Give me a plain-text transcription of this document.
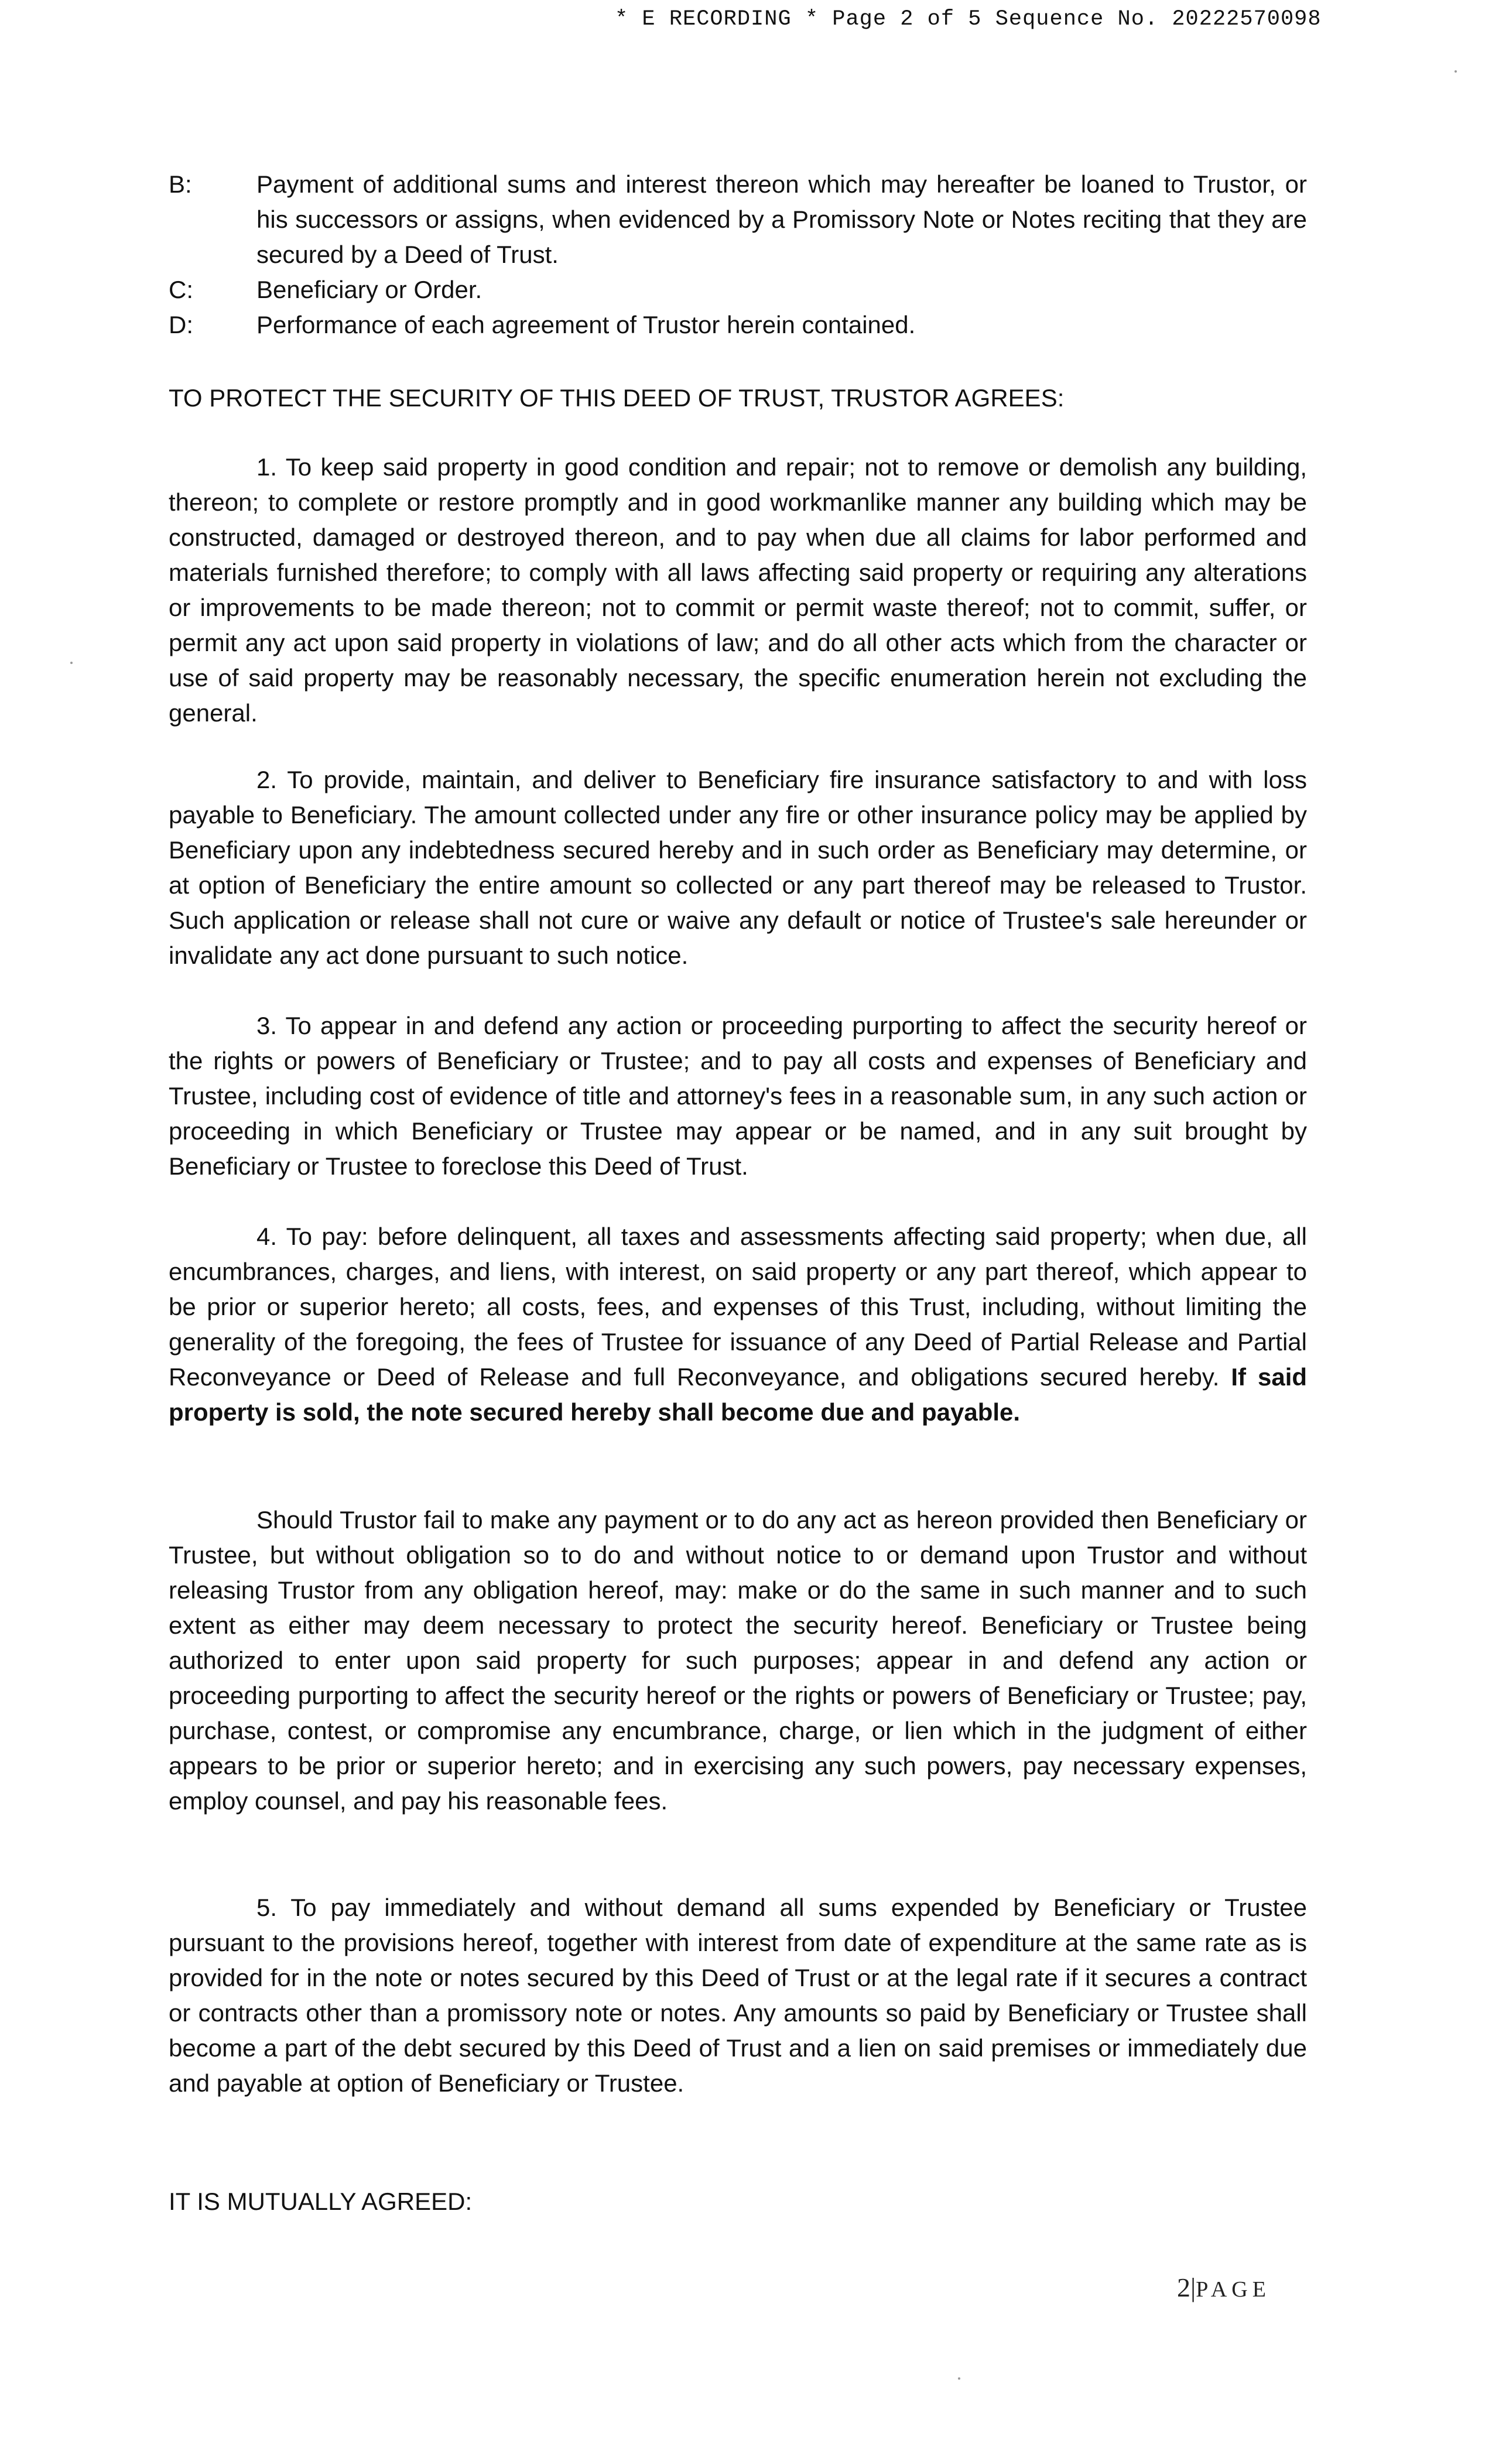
* E RECORDING * Page 2 of 5 Sequence No. 20222570098
B:	Payment of additional sums and interest thereon which may hereafter be loaned to Trustor, or his successors or assigns, when evidenced by a Promissory Note or Notes reciting that they are secured by a Deed of Trust.
C:	Beneficiary or Order.
D:	Performance of each agreement of Trustor herein contained.
TO PROTECT THE SECURITY OF THIS DEED OF TRUST, TRUSTOR AGREES:

1. To keep said property in good condition and repair; not to remove or demolish any building, thereon; to complete or restore promptly and in good workmanlike manner any building which may be constructed, damaged or destroyed thereon, and to pay when due all claims for labor performed and materials furnished therefore; to comply with all laws affecting said property or requiring any alterations or improvements to be made thereon; not to commit or permit waste thereof; not to commit, suffer, or permit any act upon said property in violations of law; and do all other acts which from the character or use of said property may be reasonably necessary, the specific enumeration herein not excluding the general.

2. To provide, maintain, and deliver to Beneficiary fire insurance satisfactory to and with loss payable to Beneficiary. The amount collected under any fire or other insurance policy may be applied by Beneficiary upon any indebtedness secured hereby and in such order as Beneficiary may determine, or at option of Beneficiary the entire amount so collected or any part thereof may be released to Trustor. Such application or release shall not cure or waive any default or notice of Trustee's sale hereunder or invalidate any act done pursuant to such notice.

3. To appear in and defend any action or proceeding purporting to affect the security hereof or the rights or powers of Beneficiary or Trustee; and to pay all costs and expenses of Beneficiary and Trustee, including cost of evidence of title and attorney's fees in a reasonable sum, in any such action or proceeding in which Beneficiary or Trustee may appear or be named, and in any suit brought by Beneficiary or Trustee to foreclose this Deed of Trust.

4. To pay: before delinquent, all taxes and assessments affecting said property; when due, all encumbrances, charges, and liens, with interest, on said property or any part thereof, which appear to be prior or superior hereto; all costs, fees, and expenses of this Trust, including, without limiting the generality of the foregoing, the fees of Trustee for issuance of any Deed of Partial Release and Partial Reconveyance or Deed of Release and full Reconveyance, and obligations secured hereby. If said property is sold, the note secured hereby shall become due and payable.

Should Trustor fail to make any payment or to do any act as hereon provided then Beneficiary or Trustee, but without obligation so to do and without notice to or demand upon Trustor and without releasing Trustor from any obligation hereof, may: make or do the same in such manner and to such extent as either may deem necessary to protect the security hereof. Beneficiary or Trustee being authorized to enter upon said property for such purposes; appear in and defend any action or proceeding purporting to affect the security hereof or the rights or powers of Beneficiary or Trustee; pay, purchase, contest, or compromise any encumbrance, charge, or lien which in the judgment of either appears to be prior or superior hereto; and in exercising any such powers, pay necessary expenses, employ counsel, and pay his reasonable fees.

5. To pay immediately and without demand all sums expended by Beneficiary or Trustee pursuant to the provisions hereof, together with interest from date of expenditure at the same rate as is provided for in the note or notes secured by this Deed of Trust or at the legal rate if it secures a contract or contracts other than a promissory note or notes. Any amounts so paid by Beneficiary or Trustee shall become a part of the debt secured by this Deed of Trust and a lien on said premises or immediately due and payable at option of Beneficiary or Trustee.

IT IS MUTUALLY AGREED:
2|PAGE
